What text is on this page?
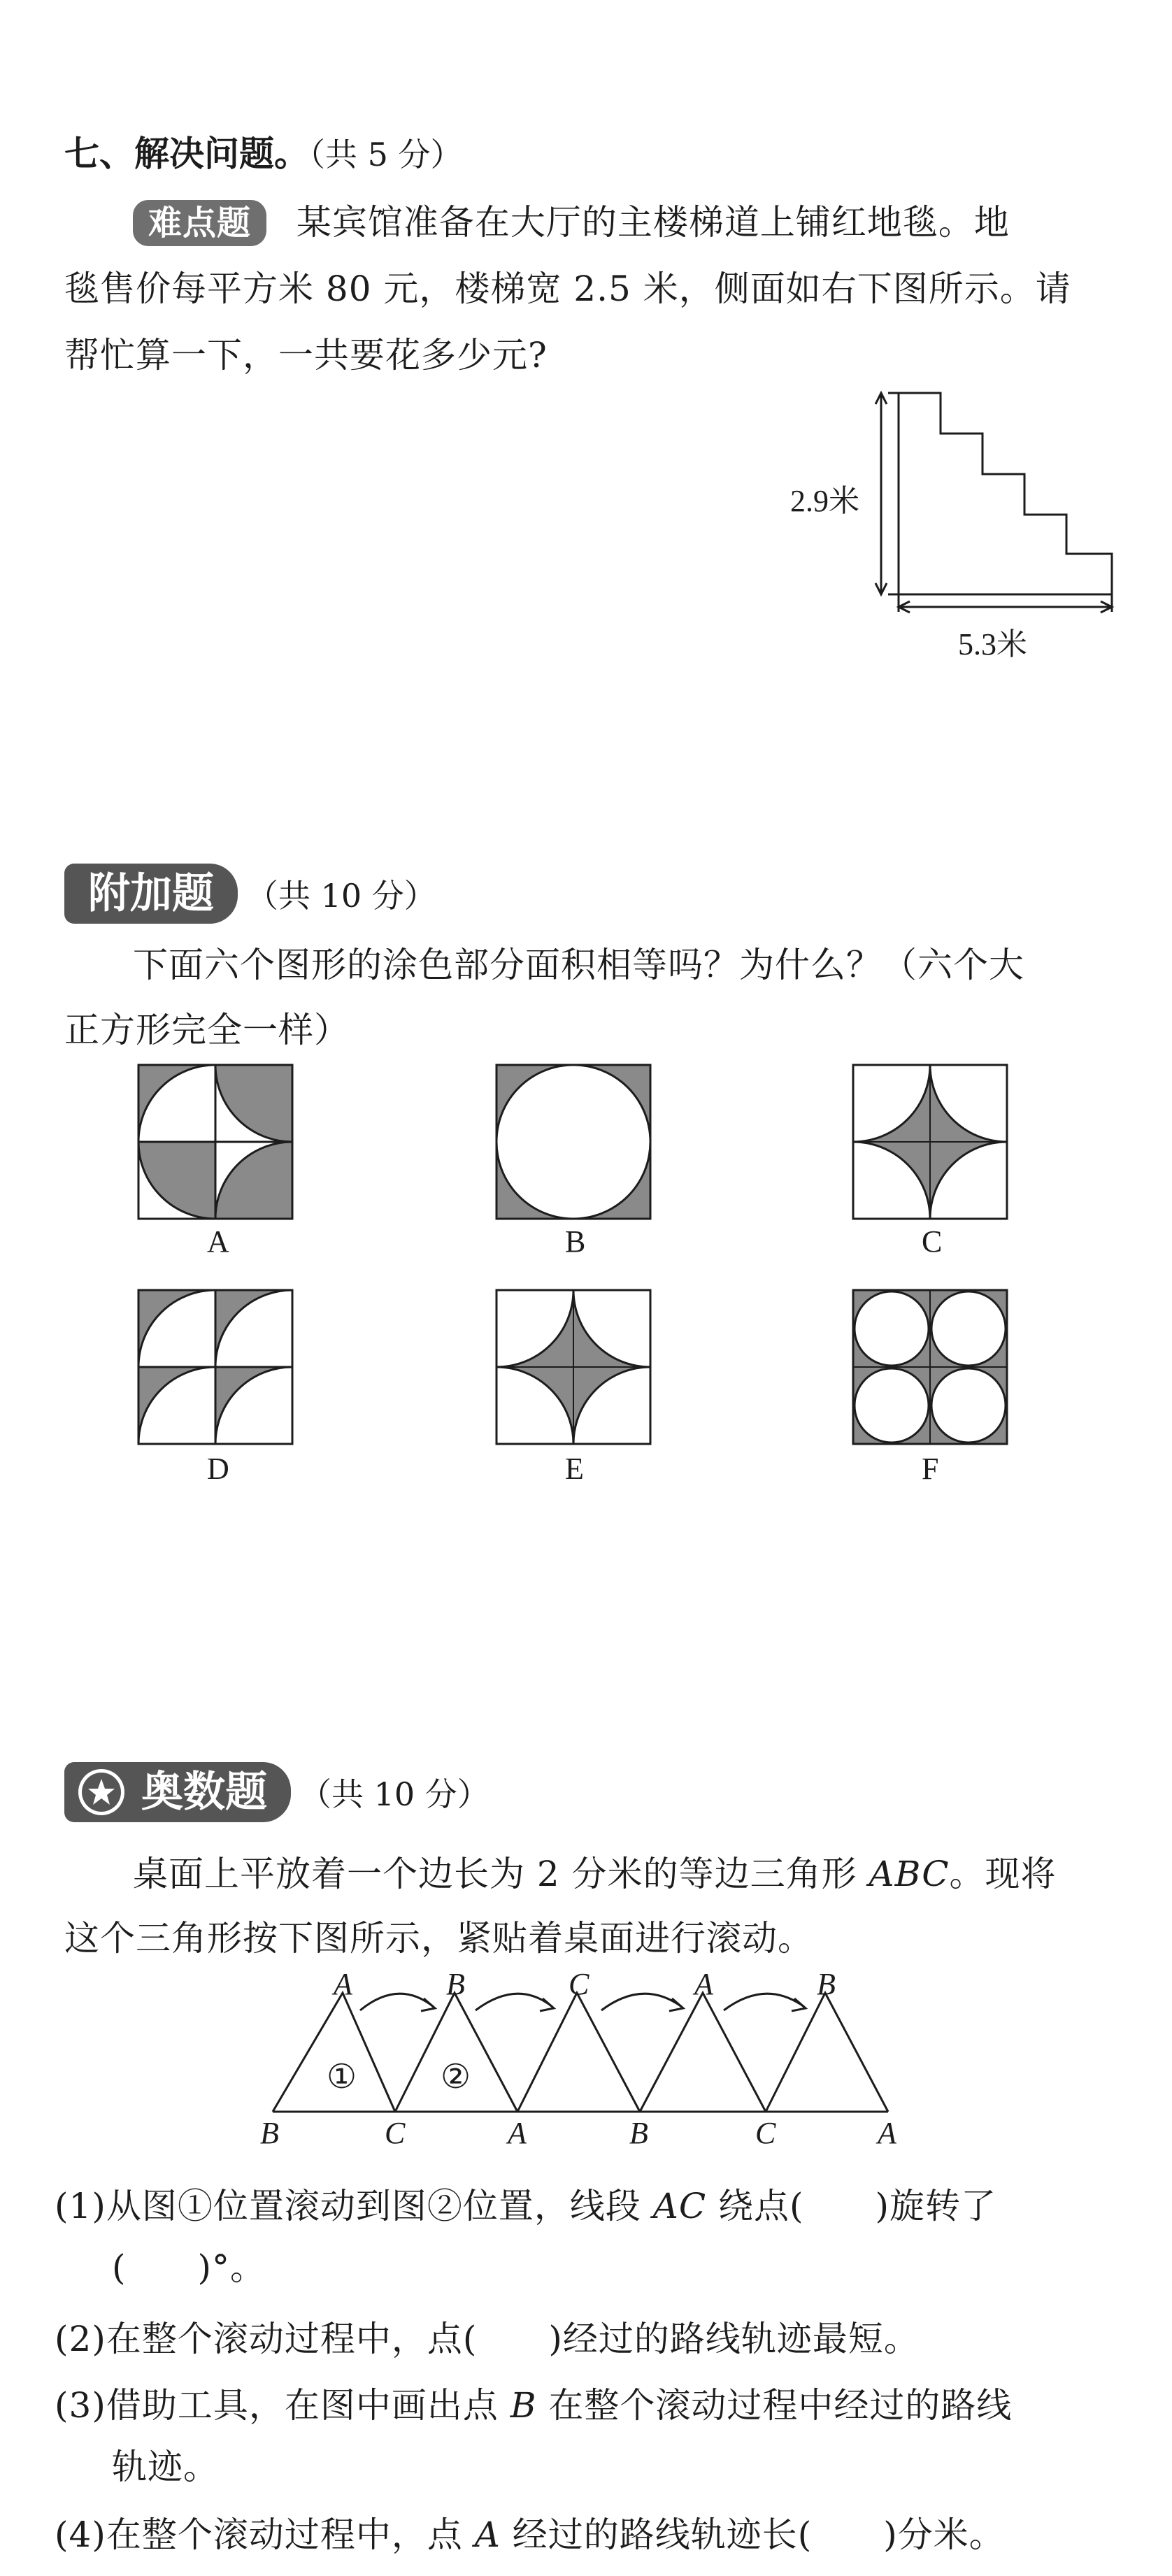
七、解决问题。（共 5 分）
难点题 某宾馆准备在大厅的主楼梯道上铺红地毯。地
毯售价每平方米 80 元，楼梯宽 2.5 米，侧面如右下图所示。请
帮忙算一下，一共要花多少元?
2.9米
5.3米
附加题	（共 10 分）
下面六个图形的涂色部分面积相等吗？为什么？（六个大
正方形完全一样）
A	B	C
D	E	F
奥数题	（共 10 分）
桌面上平放着一个边长为 2 分米的等边三角形 ABC。现将
这个三角形按下图所示，紧贴着桌面进行滚动。
A	B	C	A	B
B	C	A	B	C	A
① ②
(1)从图①位置滚动到图②位置，线段 AC 绕点(　　)旋转了
(　　)°。
(2)在整个滚动过程中，点(　　)经过的路线轨迹最短。
(3)借助工具，在图中画出点 B 在整个滚动过程中经过的路线
轨迹。
(4)在整个滚动过程中，点 A 经过的路线轨迹长(　　)分米。
